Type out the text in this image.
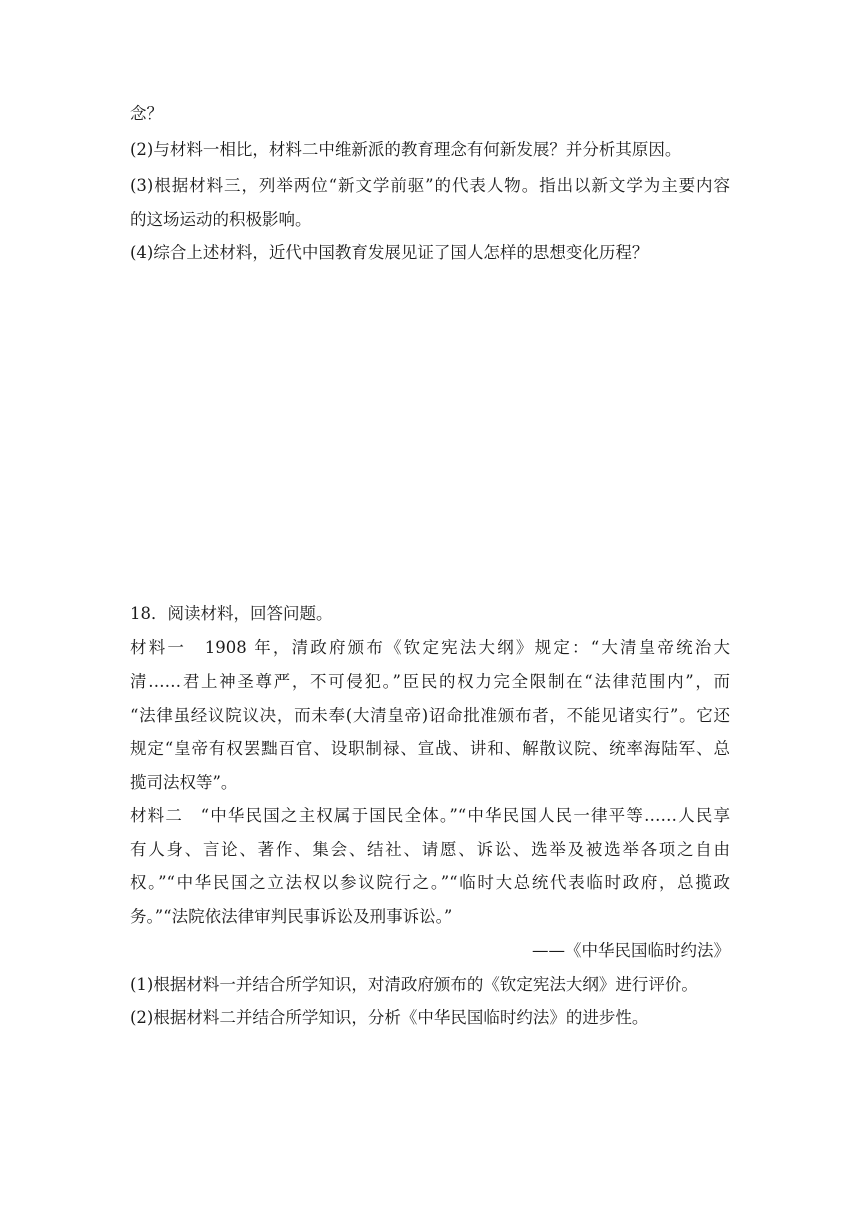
念？
(2)与材料一相比，材料二中维新派的教育理念有何新发展？并分析其原因。
(3)根据材料三，列举两位“新文学前驱”的代表人物。指出以新文学为主要内容
的这场运动的积极影响。
(4)综合上述材料，近代中国教育发展见证了国人怎样的思想变化历程？
18．阅读材料，回答问题。
材料一　1908 年，清政府颁布《钦定宪法大纲》规定：“大清皇帝统治大
清……君上神圣尊严，不可侵犯。”臣民的权力完全限制在“法律范围内”，而
“法律虽经议院议决，而未奉(大清皇帝)诏命批准颁布者，不能见诸实行”。它还
规定“皇帝有权罢黜百官、设职制禄、宣战、讲和、解散议院、统率海陆军、总
揽司法权等”。
材料二　“中华民国之主权属于国民全体。”“中华民国人民一律平等……人民享
有人身、言论、著作、集会、结社、请愿、诉讼、选举及被选举各项之自由
权。”“中华民国之立法权以参议院行之。”“临时大总统代表临时政府，总揽政
务。”“法院依法律审判民事诉讼及刑事诉讼。”
——《中华民国临时约法》
(1)根据材料一并结合所学知识，对清政府颁布的《钦定宪法大纲》进行评价。
(2)根据材料二并结合所学知识，分析《中华民国临时约法》的进步性。
